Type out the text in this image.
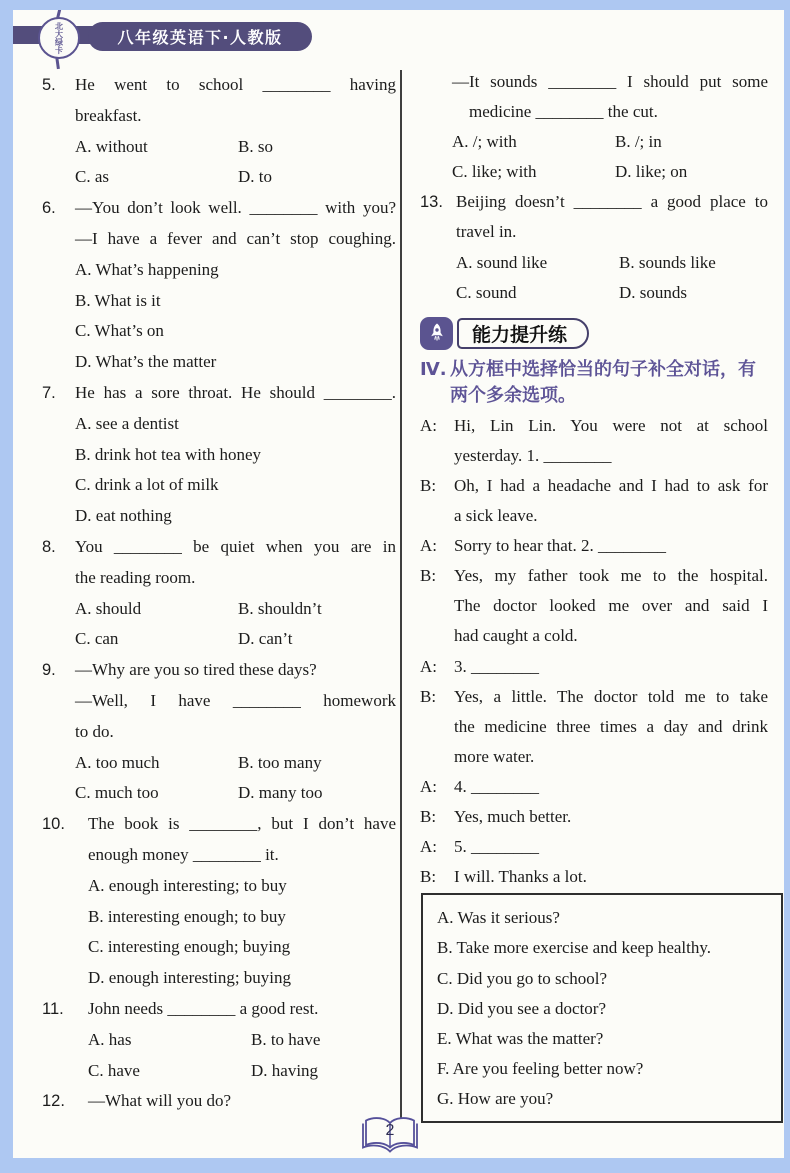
北大绿卡	八年级英语下·人教版
5. He went to school ________ having
breakfast.
A. without	B. so
C. as	D. to
6. —You don’t look well. ________ with you?
—I have a fever and can’t stop coughing.
A. What’s happening
B. What is it
C. What’s on
D. What’s the matter
7. He has a sore throat. He should ________.
A. see a dentist
B. drink hot tea with honey
C. drink a lot of milk
D. eat nothing
8. You ________ be quiet when you are in
the reading room.
A. should	B. shouldn’t
C. can	D. can’t
9. —Why are you so tired these days?
—Well, I have ________ homework
to do.
A. too much	B. too many
C. much too	D. many too
10. The book is ________, but I don’t have
enough money ________ it.
A. enough interesting; to buy
B. interesting enough; to buy
C. interesting enough; buying
D. enough interesting; buying
11. John needs ________ a good rest.
A. has	B. to have
C. have	D. having
12. —What will you do?
—It sounds ________ I should put some
medicine ________ the cut.
A. /; with	B. /; in
C. like; with	D. like; on
13. Beijing doesn’t ________ a good place to
travel in.
A. sound like	B. sounds like
C. sound	D. sounds
能力提升练
Ⅳ. 从方框中选择恰当的句子补全对话，有
两个多余选项。
A: Hi, Lin Lin. You were not at school
yesterday. 1. ________
B: Oh, I had a headache and I had to ask for
a sick leave.
A: Sorry to hear that. 2. ________
B: Yes, my father took me to the hospital.
The doctor looked me over and said I
had caught a cold.
A: 3. ________
B: Yes, a little. The doctor told me to take
the medicine three times a day and drink
more water.
A: 4. ________
B: Yes, much better.
A: 5. ________
B: I will. Thanks a lot.
A. Was it serious?
B. Take more exercise and keep healthy.
C. Did you go to school?
D. Did you see a doctor?
E. What was the matter?
F. Are you feeling better now?
G. How are you?
2
